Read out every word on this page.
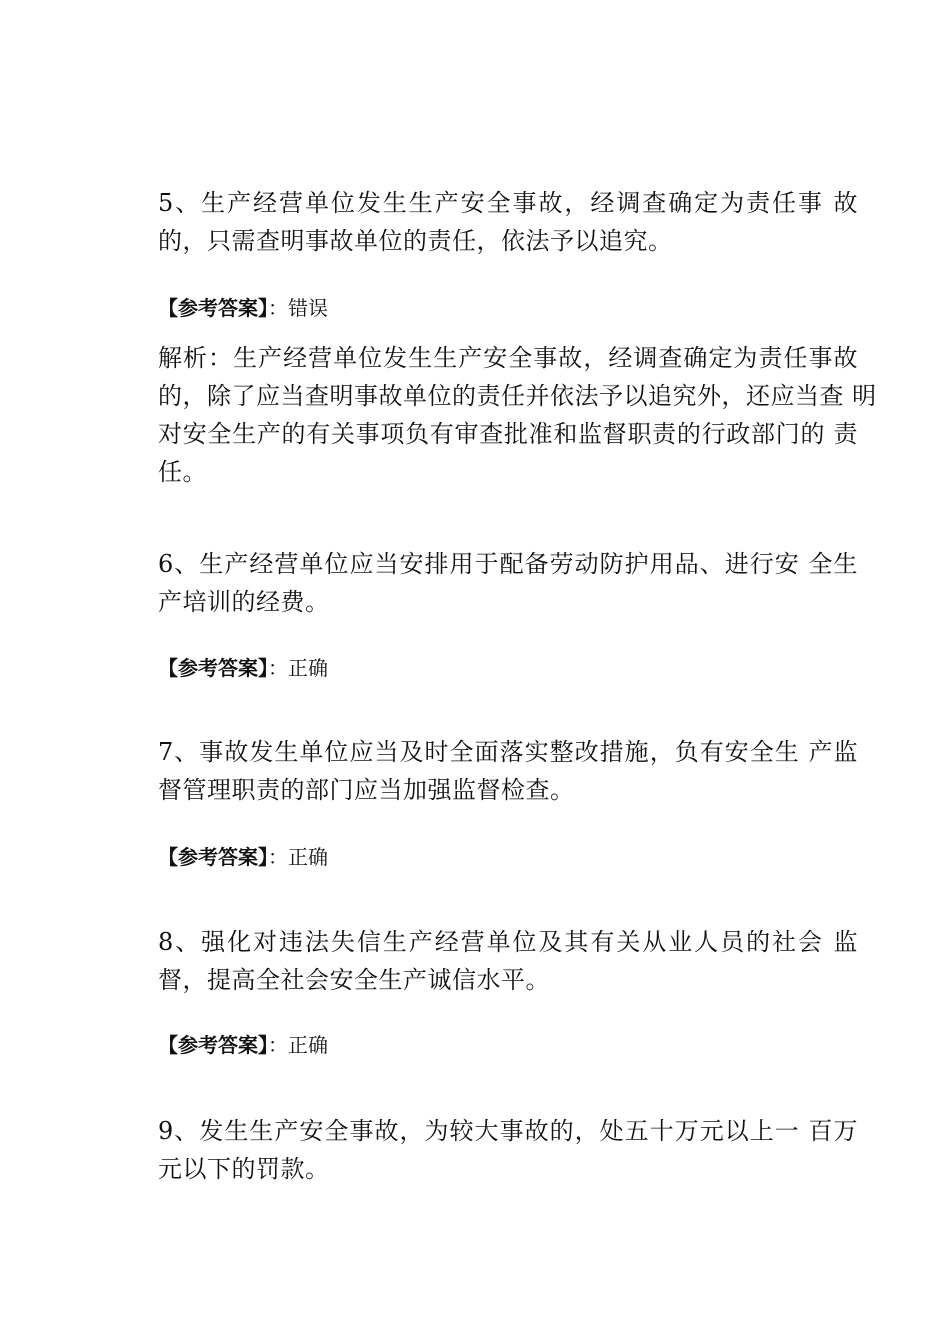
5、生产经营单位发生生产安全事故，经调查确定为责任事 故
的，只需查明事故单位的责任，依法予以追究。

【参考答案】：错误

解析：生产经营单位发生生产安全事故，经调查确定为责任事故
的，除了应当查明事故单位的责任并依法予以追究外，还应当查 明
对安全生产的有关事项负有审查批准和监督职责的行政部门的 责
任。

6、生产经营单位应当安排用于配备劳动防护用品、进行安 全生
产培训的经费。

【参考答案】：正确

7、事故发生单位应当及时全面落实整改措施，负有安全生 产监
督管理职责的部门应当加强监督检查。

【参考答案】：正确

8、强化对违法失信生产经营单位及其有关从业人员的社会 监
督，提高全社会安全生产诚信水平。

【参考答案】：正确

9、发生生产安全事故，为较大事故的，处五十万元以上一 百万
元以下的罚款。
